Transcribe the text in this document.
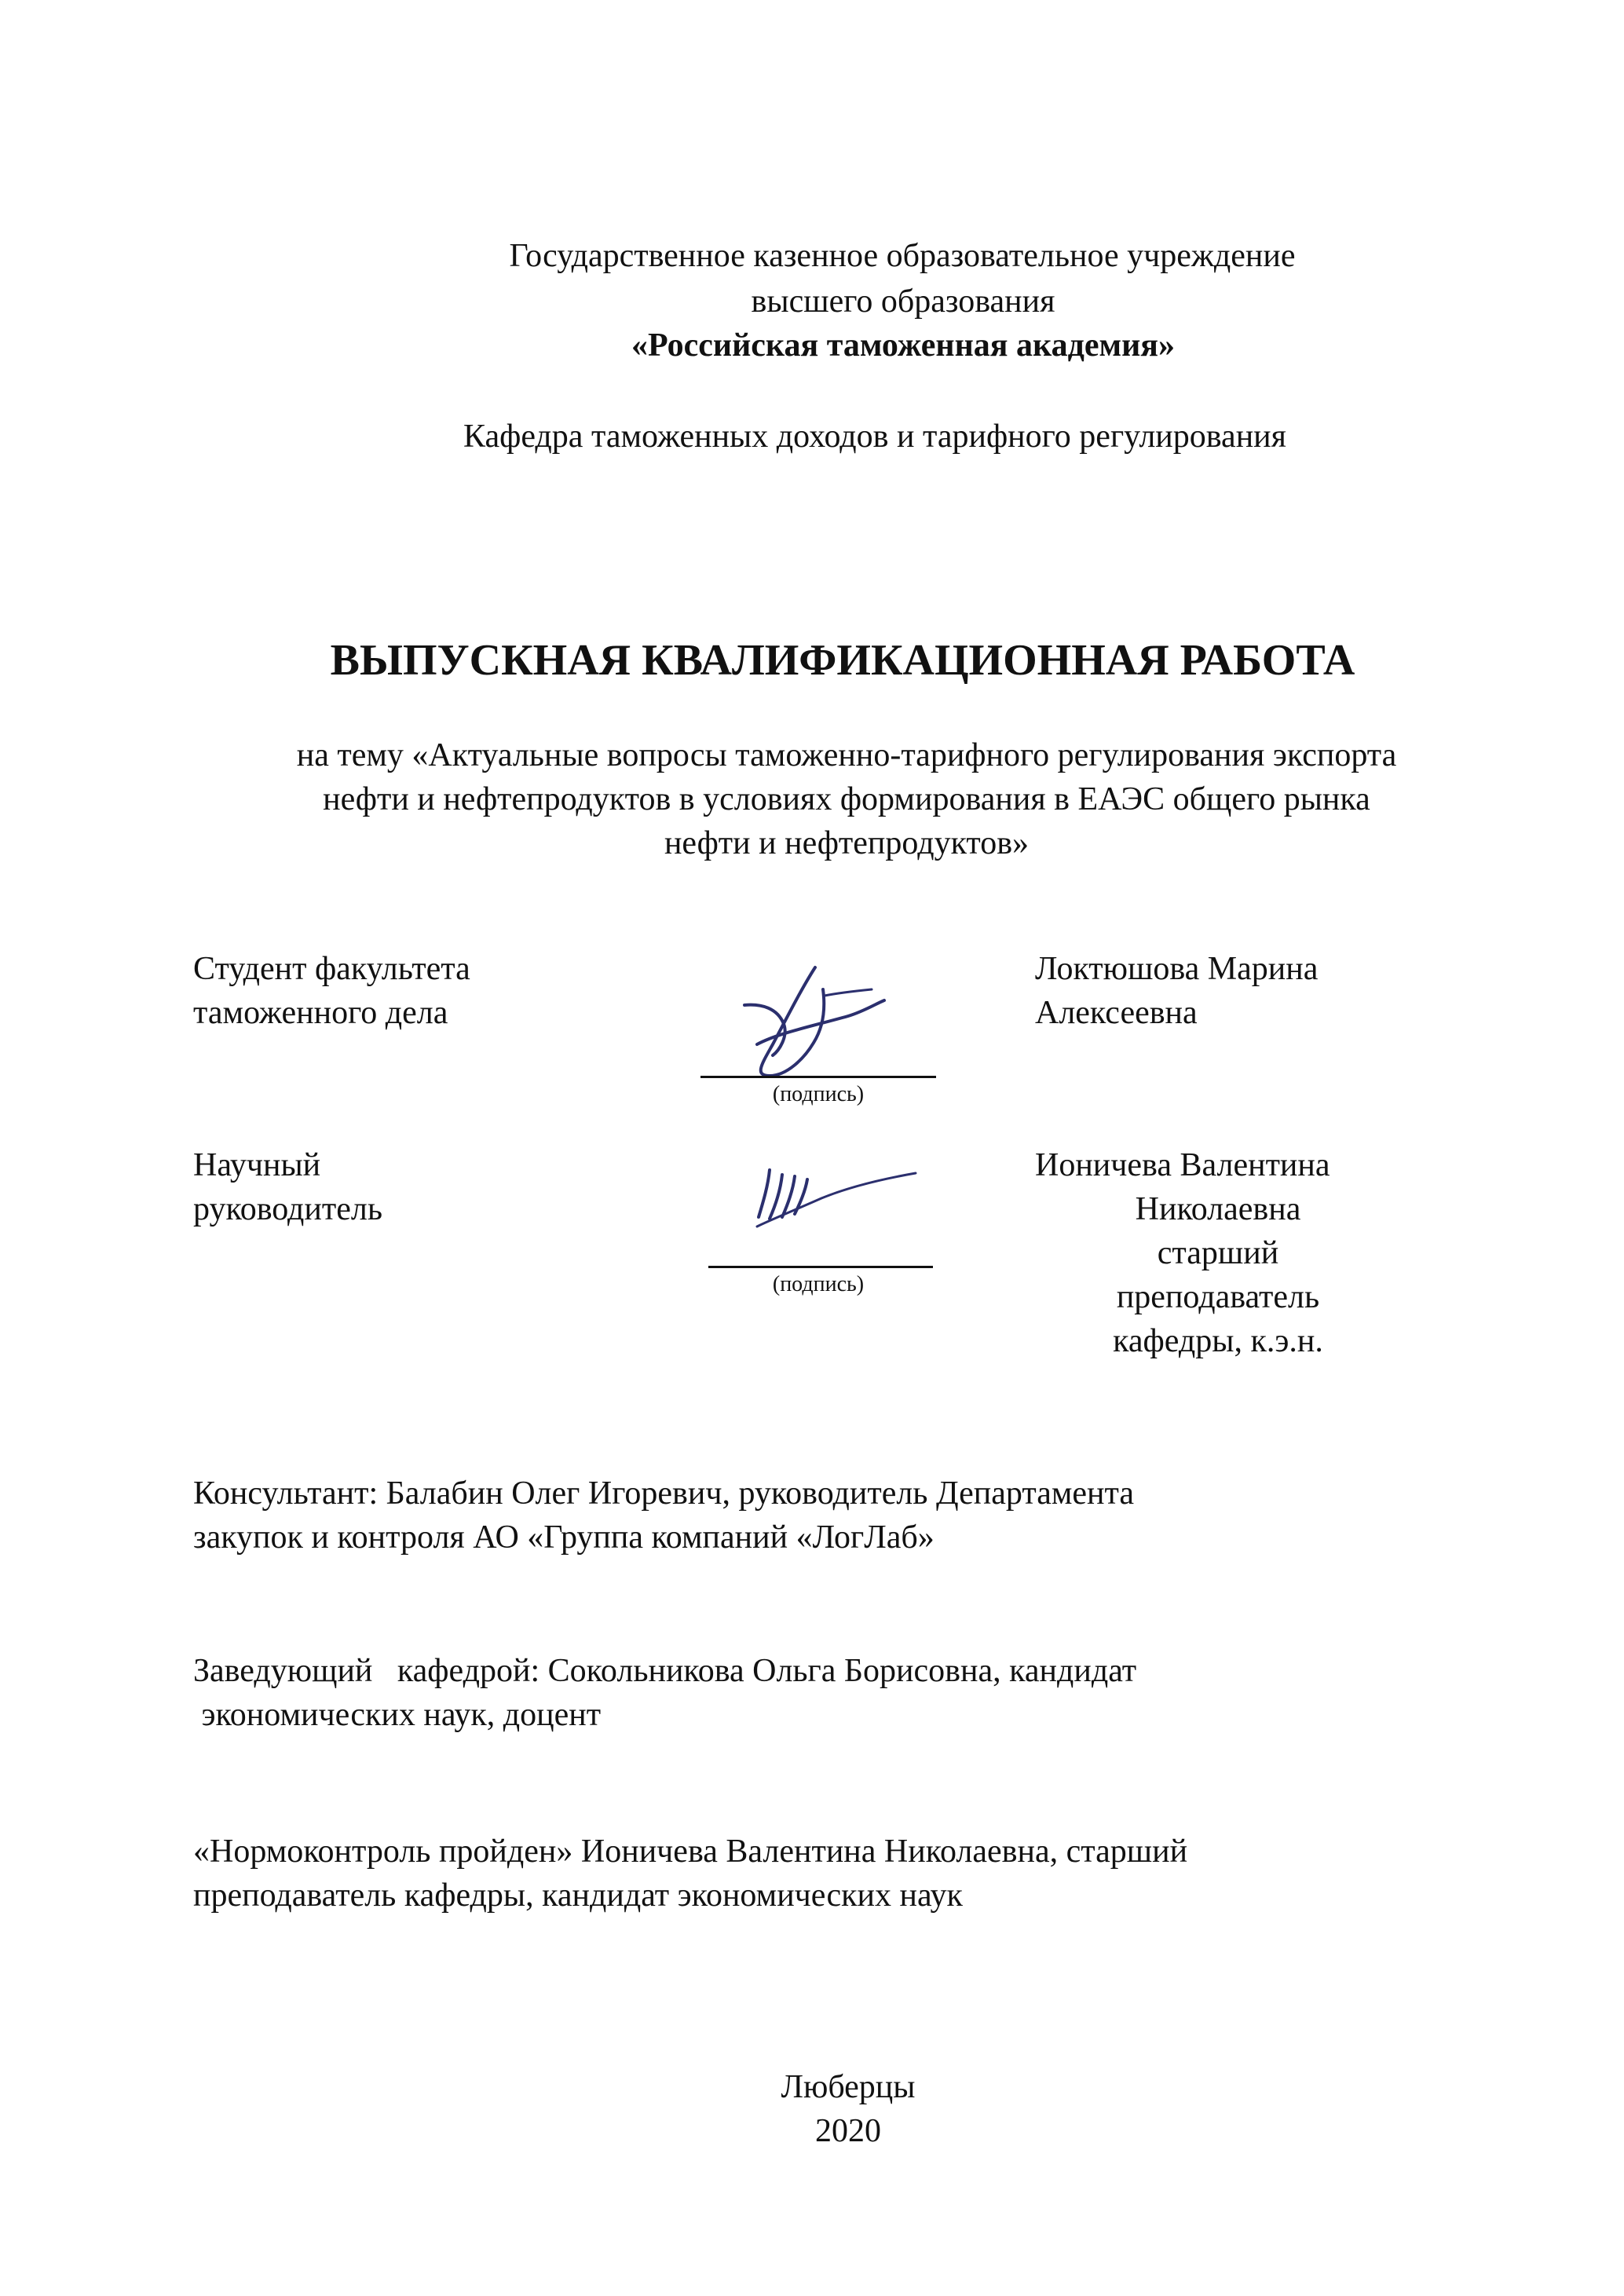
Государственное казенное образовательное учреждение
высшего образования
«Российская таможенная академия»
Кафедра таможенных доходов и тарифного регулирования
ВЫПУСКНАЯ КВАЛИФИКАЦИОННАЯ РАБОТА
на тему «Актуальные вопросы таможенно-тарифного регулирования экспорта
нефти и нефтепродуктов в условиях формирования в ЕАЭС общего рынка
нефти и нефтепродуктов»
Студент факультета
таможенного дела
(подпись)
Локтюшова Марина
Алексеевна
Научный
руководитель
(подпись)
Ионичева Валентина
Николаевна
старший
преподаватель
кафедры, к.э.н.
Консультант: Балабин Олег Игоревич, руководитель Департамента
закупок и контроля АО «Группа компаний «ЛогЛаб»
Заведующий   кафедрой: Сокольникова Ольга Борисовна, кандидат
экономических наук, доцент
«Нормоконтроль пройден» Ионичева Валентина Николаевна, старший
преподаватель кафедры, кандидат экономических наук
Люберцы
2020
